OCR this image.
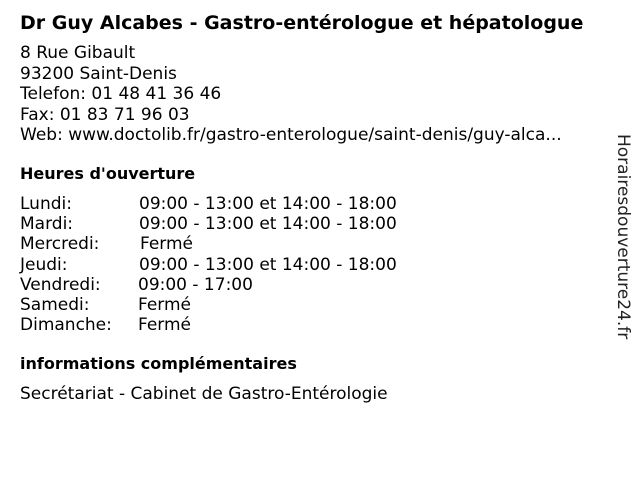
Dr Guy Alcabes - Gastro-entérologue et hépatologue
8 Rue Gibault
93200 Saint-Denis
Telefon: 01 48 41 36 46
Fax: 01 83 71 96 03
Web: www.doctolib.fr/gastro-enterologue/saint-denis/guy-alca...
Heures d'ouverture
Lundi:	09:00 - 13:00 et 14:00 - 18:00
Mardi:	09:00 - 13:00 et 14:00 - 18:00
Mercredi: Fermé
Jeudi:	09:00 - 13:00 et 14:00 - 18:00
Vendredi: 09:00 - 17:00
Samedi:	Fermé
Dimanche: Fermé
informations complémentaires
Secrétariat - Cabinet de Gastro-Entérologie
Horairesdouverture24.fr
